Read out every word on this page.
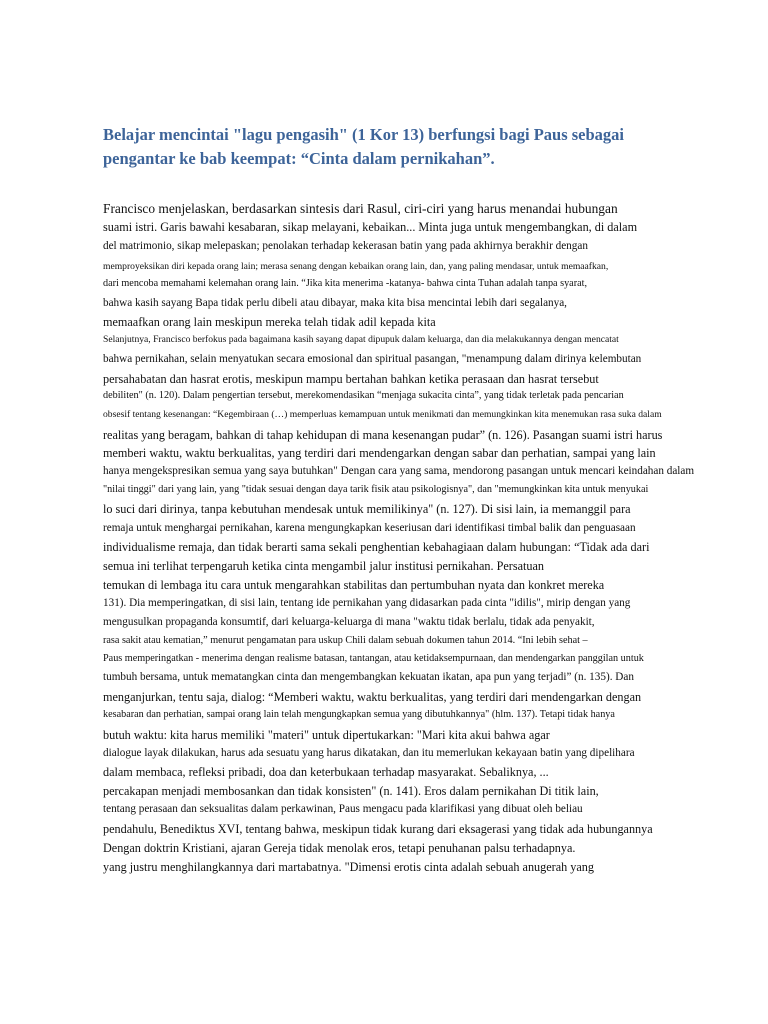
Belajar mencintai "lagu pengasih" (1 Kor 13) berfungsi bagi Paus sebagai
pengantar ke bab keempat: “Cinta dalam pernikahan”.
Francisco menjelaskan, berdasarkan sintesis dari Rasul, ciri-ciri yang harus menandai hubungan
suami istri. Garis bawahi kesabaran, sikap melayani, kebaikan... Minta juga untuk mengembangkan, di dalam
del matrimonio, sikap melepaskan; penolakan terhadap kekerasan batin yang pada akhirnya berakhir dengan
memproyeksikan diri kepada orang lain; merasa senang dengan kebaikan orang lain, dan, yang paling mendasar, untuk memaafkan,
dari mencoba memahami kelemahan orang lain. “Jika kita menerima -katanya- bahwa cinta Tuhan adalah tanpa syarat,
bahwa kasih sayang Bapa tidak perlu dibeli atau dibayar, maka kita bisa mencintai lebih dari segalanya,
memaafkan orang lain meskipun mereka telah tidak adil kepada kita
Selanjutnya, Francisco berfokus pada bagaimana kasih sayang dapat dipupuk dalam keluarga, dan dia melakukannya dengan mencatat
bahwa pernikahan, selain menyatukan secara emosional dan spiritual pasangan, "menampung dalam dirinya kelembutan
persahabatan dan hasrat erotis, meskipun mampu bertahan bahkan ketika perasaan dan hasrat tersebut
debiliten" (n. 120). Dalam pengertian tersebut, merekomendasikan “menjaga sukacita cinta”, yang tidak terletak pada pencarian
obsesif tentang kesenangan: “Kegembiraan (…) memperluas kemampuan untuk menikmati dan memungkinkan kita menemukan rasa suka dalam
realitas yang beragam, bahkan di tahap kehidupan di mana kesenangan pudar” (n. 126). Pasangan suami istri harus
memberi waktu, waktu berkualitas, yang terdiri dari mendengarkan dengan sabar dan perhatian, sampai yang lain
hanya mengekspresikan semua yang saya butuhkan" Dengan cara yang sama, mendorong pasangan untuk mencari keindahan dalam
"nilai tinggi" dari yang lain, yang "tidak sesuai dengan daya tarik fisik atau psikologisnya", dan "memungkinkan kita untuk menyukai
lo suci dari dirinya, tanpa kebutuhan mendesak untuk memilikinya" (n. 127). Di sisi lain, ia memanggil para
remaja untuk menghargai pernikahan, karena mengungkapkan keseriusan dari identifikasi timbal balik dan penguasaan
individualisme remaja, dan tidak berarti sama sekali penghentian kebahagiaan dalam hubungan: “Tidak ada dari
semua ini terlihat terpengaruh ketika cinta mengambil jalur institusi pernikahan. Persatuan
temukan di lembaga itu cara untuk mengarahkan stabilitas dan pertumbuhan nyata dan konkret mereka
131). Dia memperingatkan, di sisi lain, tentang ide pernikahan yang didasarkan pada cinta "idilis", mirip dengan yang
mengusulkan propaganda konsumtif, dari keluarga-keluarga di mana "waktu tidak berlalu, tidak ada penyakit,
rasa sakit atau kematian,” menurut pengamatan para uskup Chili dalam sebuah dokumen tahun 2014. “Ini lebih sehat –
Paus memperingatkan - menerima dengan realisme batasan, tantangan, atau ketidaksempurnaan, dan mendengarkan panggilan untuk
tumbuh bersama, untuk mematangkan cinta dan mengembangkan kekuatan ikatan, apa pun yang terjadi” (n. 135). Dan
menganjurkan, tentu saja, dialog: “Memberi waktu, waktu berkualitas, yang terdiri dari mendengarkan dengan
kesabaran dan perhatian, sampai orang lain telah mengungkapkan semua yang dibutuhkannya" (hlm. 137). Tetapi tidak hanya
butuh waktu: kita harus memiliki "materi" untuk dipertukarkan: "Mari kita akui bahwa agar
dialogue layak dilakukan, harus ada sesuatu yang harus dikatakan, dan itu memerlukan kekayaan batin yang dipelihara
dalam membaca, refleksi pribadi, doa dan keterbukaan terhadap masyarakat. Sebaliknya, ...
percakapan menjadi membosankan dan tidak konsisten" (n. 141). Eros dalam pernikahan Di titik lain,
tentang perasaan dan seksualitas dalam perkawinan, Paus mengacu pada klarifikasi yang dibuat oleh beliau
pendahulu, Benediktus XVI, tentang bahwa, meskipun tidak kurang dari eksagerasi yang tidak ada hubungannya
Dengan doktrin Kristiani, ajaran Gereja tidak menolak eros, tetapi penuhanan palsu terhadapnya.
yang justru menghilangkannya dari martabatnya. "Dimensi erotis cinta adalah sebuah anugerah yang
